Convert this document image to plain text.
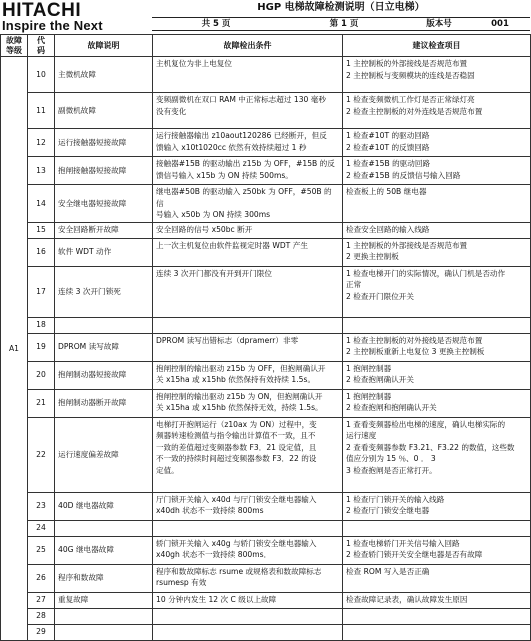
HITACHI
Inspire the Next
HGP 电梯故障检测说明（日立电梯）
共 5 页	第 1 页	版本号	001
故障
等级	代
码	故障说明	故障检出条件	建议检查项目
A1	10	主微机故障	主机复位为非上电复位	1 主控制板的外部接线是否规范布置
2 主控制板与变频模块的连线是否稳固

	11	副微机故障	变频副微机在双口 RAM 中正常标志超过 130 毫秒
没有变化	1 检查变频微机工作灯是否正常绿灯亮
2 检查主控制板的对外连线是否规范布置

	12	运行接触器短接故障	运行接触器输出 z10aout120286 已经断开，但反
馈输入 x10t1020cc 依然有效持续超过 1 秒	1 检查#10T 的驱动回路
2 检查#10T 的反馈回路

	13	抱闸接触器短接故障	接触器#15B 的驱动输出 z15b 为 OFF，#15B 的反
馈信号输入 x15b 为 ON 持续 500ms。	1 检查#15B 的驱动回路
2 检查#15B 的反馈信号输入回路

	14	安全继电器短接故障	继电器#50B 的驱动输入 z50bk 为 OFF，#50B 的信
号输入 x50b 为 ON 持续 300ms	检查板上的 50B 继电器

	15	安全回路断开故障	安全回路的信号 x50bc 断开	检查安全回路的输入线路

	16	软件 WDT 动作	上一次主机复位由软件监视定时器 WDT 产生	1 主控制板的外部接线是否规范布置
2 更换主控制板

	17	连续 3 次开门锁死	连续 3 次开门都没有开到开门限位	1 检查电梯开门的实际情况，确认门机是否动作
正常
2 检查开门限位开关

	18			
	19	DPROM 读写故障	DPROM 读写出错标志（dpramerr）非零	1 检查主控制板的对外接线是否规范布置
2 主控制板重新上电复位 3 更换主控制板

	20	抱闸制动器短接故障	抱闸控制的输出驱动 z15b 为 OFF，但抱闸确认开
关 x15ha 或 x15hb 依然保持有效持续 1.5s。	1 抱闸控制器
2 检查抱闸确认开关

	21	抱闸制动器断开故障	抱闸控制的输出驱动 z15b 为 ON，但抱闸确认开
关 x15ha 或 x15hb 依然保持无效，持续 1.5s。	1 抱闸控制器
2 检查抱闸和抱闸确认开关

	22	运行速度偏差故障	电梯打开抱闸运行（z10ax 为 ON）过程中，变
频器转速检测值与指令输出计算值不一致，且不
一致的差值超过变频器参数 F3．21 设定值，且
不一致的持续时间超过变频器参数 F3．22 的设
定值。	1 查看变频器检出电梯的速度，确认电梯实际的
运行速度
2 查看变频器参数 F3.21、F3.22 的数值，这些数
值应分别为 15 ％、0 ． 3
3 检查抱闸是否正常打开。

	23	40D 继电器故障	厅门锁开关输入 x40d 与厅门锁安全继电器输入
x40dh 状态不一致持续 800ms	1 检查厅门锁开关的输入线路
2 检查厅门锁安全继电器

	24			
	25	40G 继电器故障	轿门锁开关输入 x40g 与轿门锁安全继电器输入
x40gh 状态不一致持续 800ms．	1 检查电梯轿门开关信号输入回路
2 检查轿门锁开关安全继电器是否有故障

	26	程序和数故障	程序和数故障标志 rsume 或规格表和数故障标志
rsumesp 有效	检查 ROM 写入是否正确

	27	重复故障	10 分钟内发生 12 次 C 级以上故障	检查故障记录表，确认故障发生原因

	28			
	29			
